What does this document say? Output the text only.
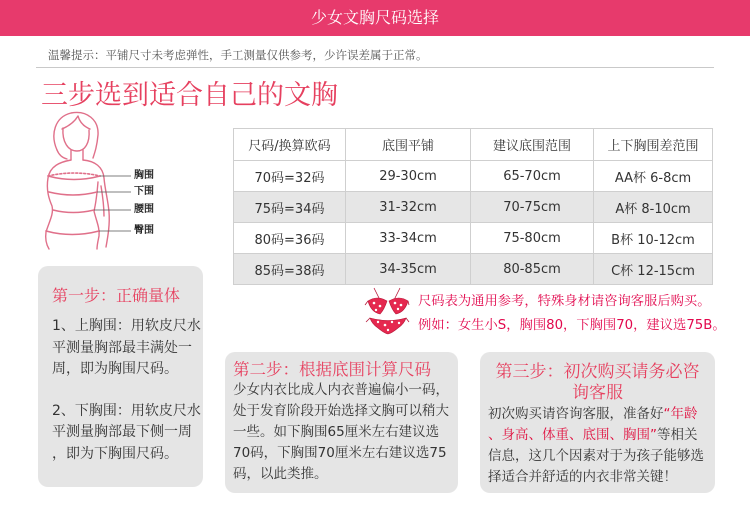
少女文胸尺码选择
温馨提示：平铺尺寸未考虑弹性，手工测量仅供参考，少许误差属于正常。
三步选到适合自己的文胸
胸围
下围
腰围
臀围
尺码/换算欧码	底围平铺	建议底围范围	上下胸围差范围
70码=32码	29-30cm	65-70cm	AA杯 6-8cm
75码=34码	31-32cm	70-75cm	A杯 8-10cm
80码=36码	33-34cm	75-80cm	B杯 10-12cm
85码=38码	34-35cm	80-85cm	C杯 12-15cm
尺码表为通用参考，特殊身材请咨询客服后购买。
例如：女生小S，胸围80，下胸围70，建议选75B。
第一步：正确量体
1、上胸围：用软皮尺水
平测量胸部最丰满处一
周，即为胸围尺码。
2、下胸围：用软皮尺水
平测量胸部最下侧一周
，即为下胸围尺码。
第二步：根据底围计算尺码
少女内衣比成人内衣普遍偏小一码，
处于发育阶段开始选择文胸可以稍大
一些。如下胸围65厘米左右建议选
70码，下胸围70厘米左右建议选75
码，以此类推。
第三步：初次购买请务必咨
询客服
初次购买请咨询客服，准备好“年龄
、身高、体重、底围、胸围”等相关
信息，这几个因素对于为孩子能够选
择适合并舒适的内衣非常关键！
